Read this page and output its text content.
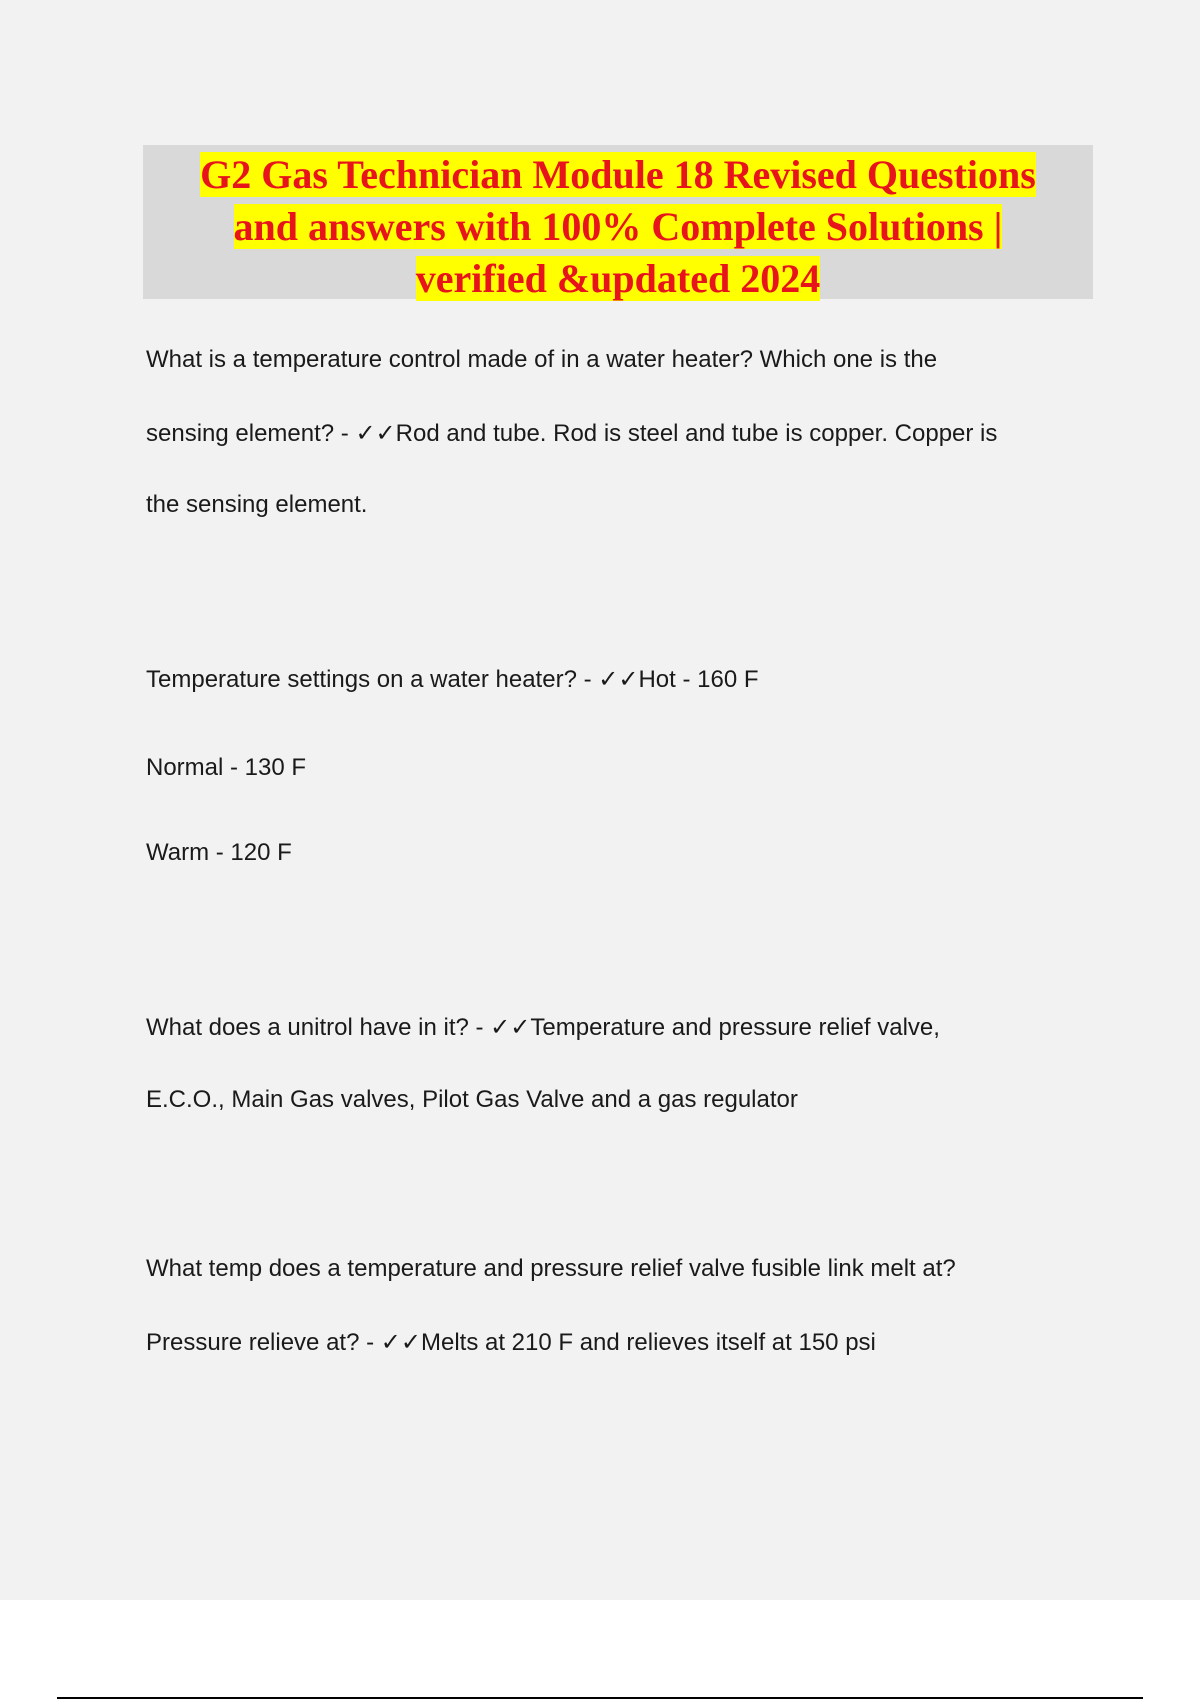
G2 Gas Technician Module 18 Revised Questions
and answers with 100% Complete Solutions |
verified &updated 2024
What is a temperature control made of in a water heater? Which one is the
sensing element? - ✓✓Rod and tube. Rod is steel and tube is copper. Copper is
the sensing element.
Temperature settings on a water heater? - ✓✓Hot - 160 F
Normal - 130 F
Warm - 120 F
What does a unitrol have in it? - ✓✓Temperature and pressure relief valve,
E.C.O., Main Gas valves, Pilot Gas Valve and a gas regulator
What temp does a temperature and pressure relief valve fusible link melt at?
Pressure relieve at? - ✓✓Melts at 210 F and relieves itself at 150 psi
